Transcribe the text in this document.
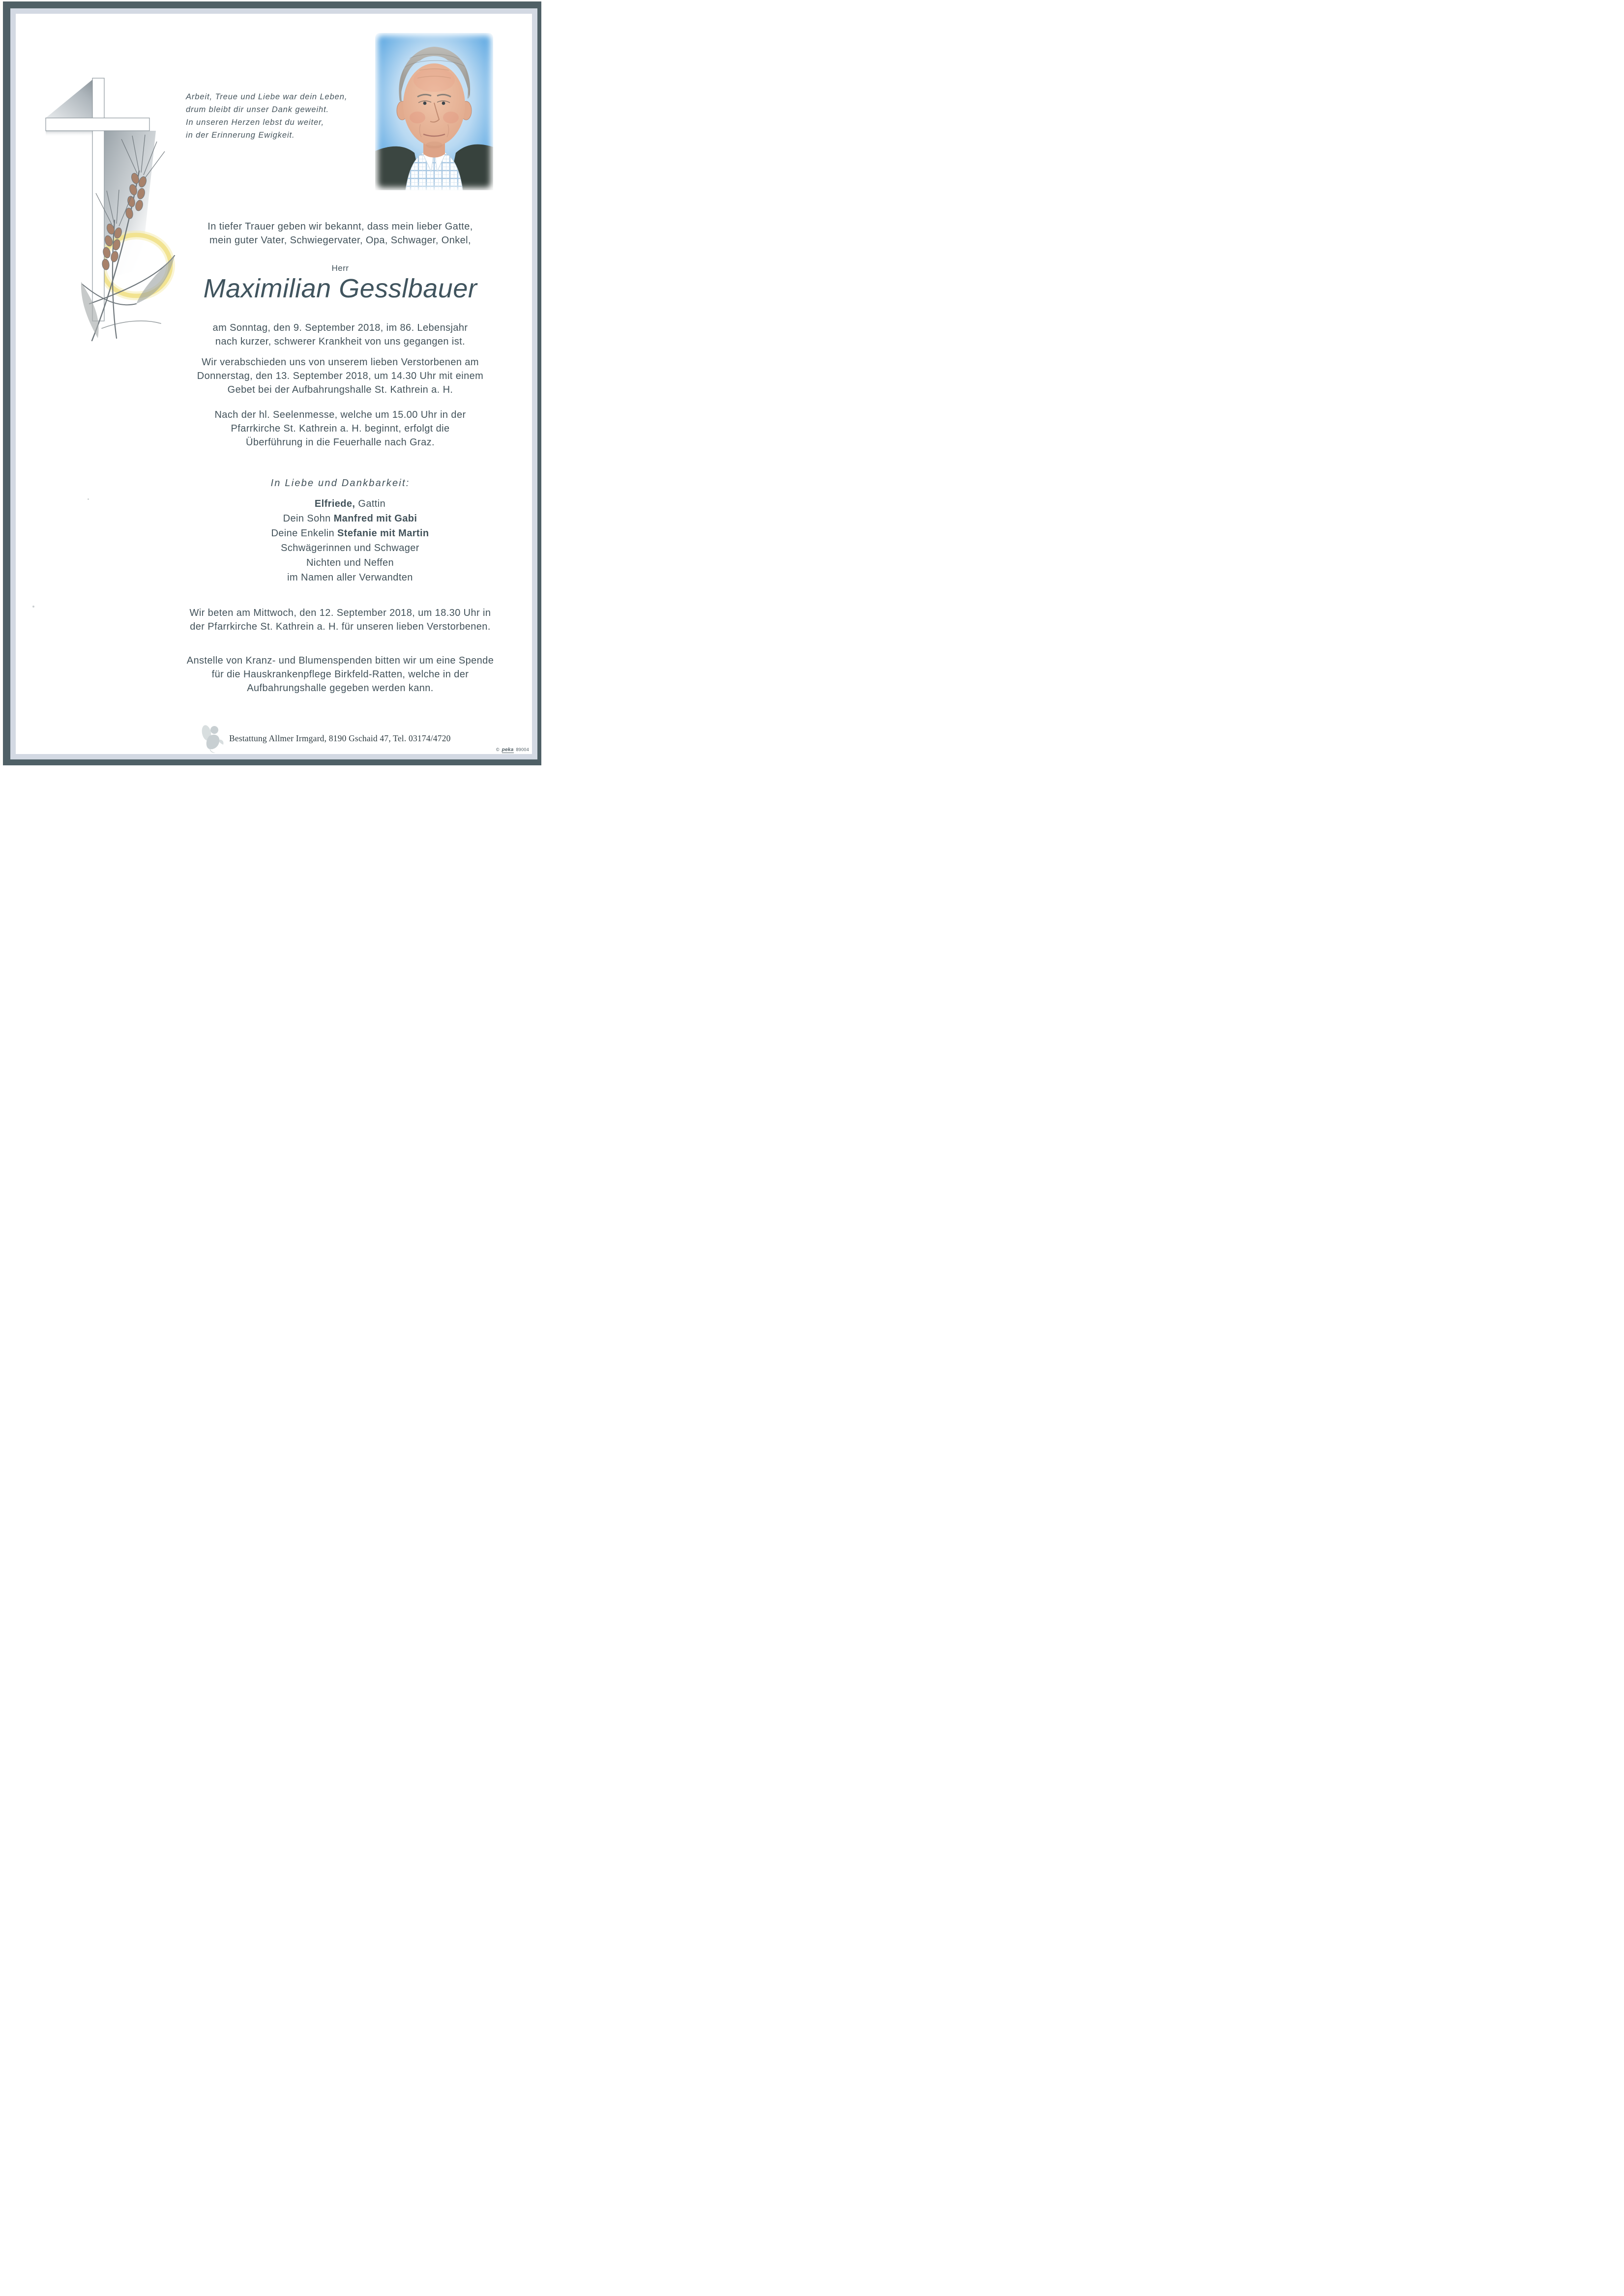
Arbeit, Treue und Liebe war dein Leben,
drum bleibt dir unser Dank geweiht.
In unseren Herzen lebst du weiter,
in der Erinnerung Ewigkeit.
In tiefer Trauer geben wir bekannt, dass mein lieber Gatte,
mein guter Vater, Schwiegervater, Opa, Schwager, Onkel,
Herr
Maximilian Gesslbauer
am Sonntag, den 9. September 2018, im 86. Lebensjahr
nach kurzer, schwerer Krankheit von uns gegangen ist.
Wir verabschieden uns von unserem lieben Verstorbenen am
Donnerstag, den 13. September 2018, um 14.30 Uhr mit einem
Gebet bei der Aufbahrungshalle St. Kathrein a. H.
Nach der hl. Seelenmesse, welche um 15.00 Uhr in der
Pfarrkirche St. Kathrein a. H. beginnt, erfolgt die
Überführung in die Feuerhalle nach Graz.
In Liebe und Dankbarkeit:
Elfriede, Gattin
Dein Sohn Manfred mit Gabi
Deine Enkelin Stefanie mit Martin
Schwägerinnen und Schwager
Nichten und Neffen
im Namen aller Verwandten
Wir beten am Mittwoch, den 12. September 2018, um 18.30 Uhr in
der Pfarrkirche St. Kathrein a. H. für unseren lieben Verstorbenen.
Anstelle von Kranz- und Blumenspenden bitten wir um eine Spende
für die Hauskrankenpflege Birkfeld-Ratten, welche in der
Aufbahrungshalle gegeben werden kann.
Bestattung Allmer Irmgard, 8190 Gschaid 47, Tel. 03174/4720
© peka 89004
